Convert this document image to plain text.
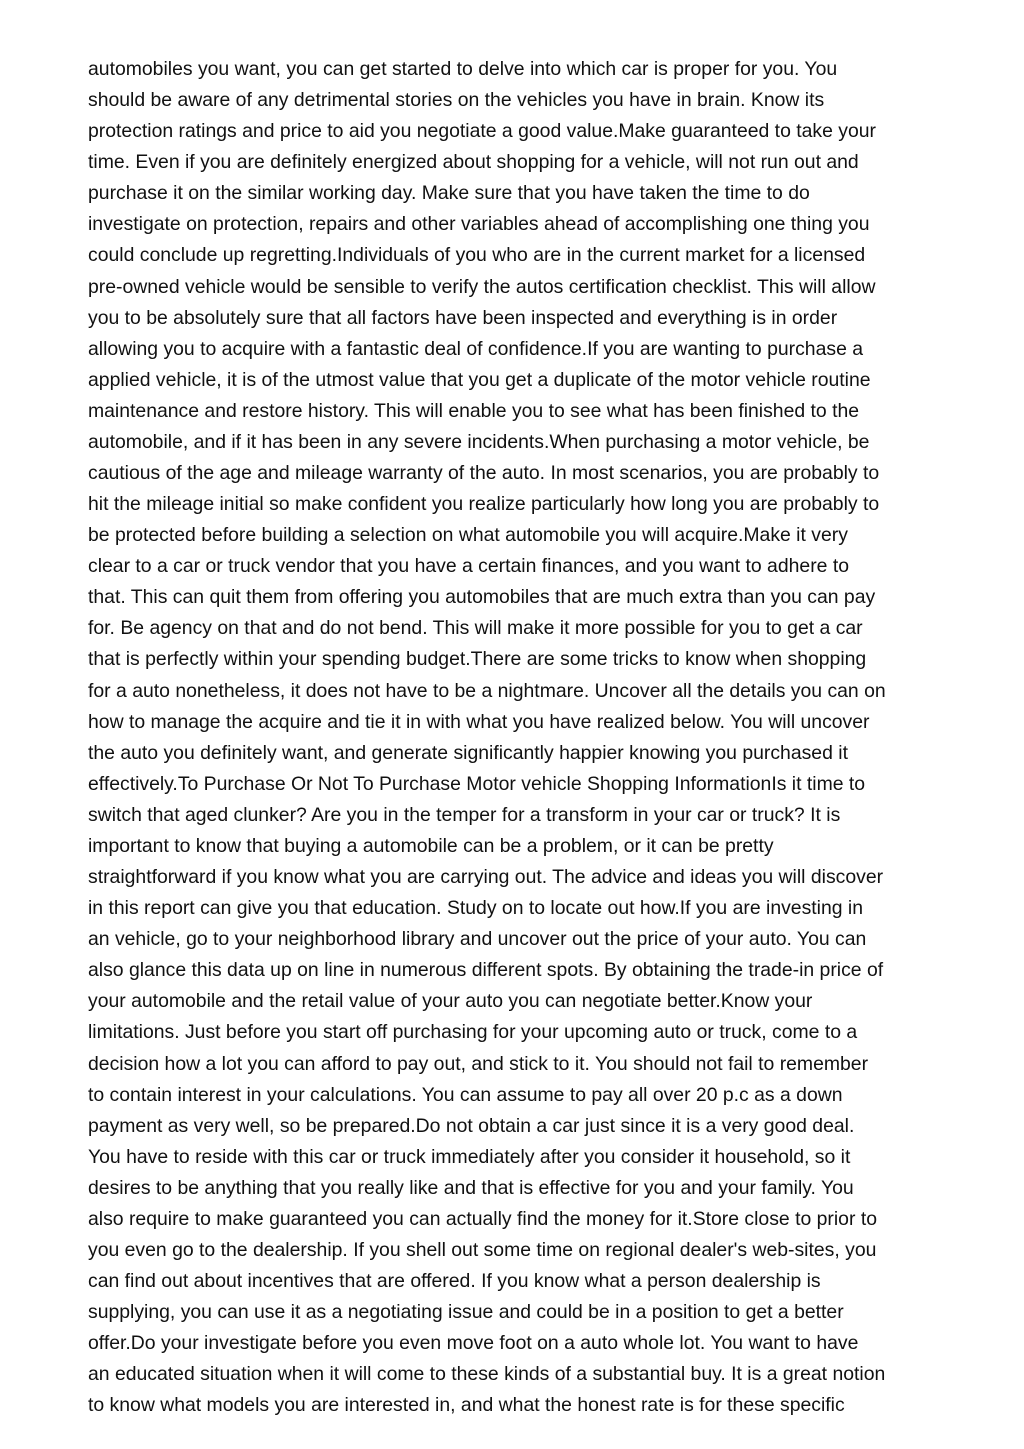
automobiles you want, you can get started to delve into which car is proper for you. You
should be aware of any detrimental stories on the vehicles you have in brain. Know its
protection ratings and price to aid you negotiate a good value.Make guaranteed to take your
time. Even if you are definitely energized about shopping for a vehicle, will not run out and
purchase it on the similar working day. Make sure that you have taken the time to do
investigate on protection, repairs and other variables ahead of accomplishing one thing you
could conclude up regretting.Individuals of you who are in the current market for a licensed
pre-owned vehicle would be sensible to verify the autos certification checklist. This will allow
you to be absolutely sure that all factors have been inspected and everything is in order
allowing you to acquire with a fantastic deal of confidence.If you are wanting to purchase a
applied vehicle, it is of the utmost value that you get a duplicate of the motor vehicle routine
maintenance and restore history. This will enable you to see what has been finished to the
automobile, and if it has been in any severe incidents.When purchasing a motor vehicle, be
cautious of the age and mileage warranty of the auto. In most scenarios, you are probably to
hit the mileage initial so make confident you realize particularly how long you are probably to
be protected before building a selection on what automobile you will acquire.Make it very
clear to a car or truck vendor that you have a certain finances, and you want to adhere to
that. This can quit them from offering you automobiles that are much extra than you can pay
for. Be agency on that and do not bend. This will make it more possible for you to get a car
that is perfectly within your spending budget.There are some tricks to know when shopping
for a auto nonetheless, it does not have to be a nightmare. Uncover all the details you can on
how to manage the acquire and tie it in with what you have realized below. You will uncover
the auto you definitely want, and generate significantly happier knowing you purchased it
effectively.To Purchase Or Not To Purchase Motor vehicle Shopping InformationIs it time to
switch that aged clunker? Are you in the temper for a transform in your car or truck? It is
important to know that buying a automobile can be a problem, or it can be pretty
straightforward if you know what you are carrying out. The advice and ideas you will discover
in this report can give you that education. Study on to locate out how.If you are investing in
an vehicle, go to your neighborhood library and uncover out the price of your auto. You can
also glance this data up on line in numerous different spots. By obtaining the trade-in price of
your automobile and the retail value of your auto you can negotiate better.Know your
limitations. Just before you start off purchasing for your upcoming auto or truck, come to a
decision how a lot you can afford to pay out, and stick to it. You should not fail to remember
to contain interest in your calculations. You can assume to pay all over 20 p.c as a down
payment as very well, so be prepared.Do not obtain a car just since it is a very good deal.
You have to reside with this car or truck immediately after you consider it household, so it
desires to be anything that you really like and that is effective for you and your family. You
also require to make guaranteed you can actually find the money for it.Store close to prior to
you even go to the dealership. If you shell out some time on regional dealer's web-sites, you
can find out about incentives that are offered. If you know what a person dealership is
supplying, you can use it as a negotiating issue and could be in a position to get a better
offer.Do your investigate before you even move foot on a auto whole lot. You want to have
an educated situation when it will come to these kinds of a substantial buy. It is a great notion
to know what models you are interested in, and what the honest rate is for these specific
